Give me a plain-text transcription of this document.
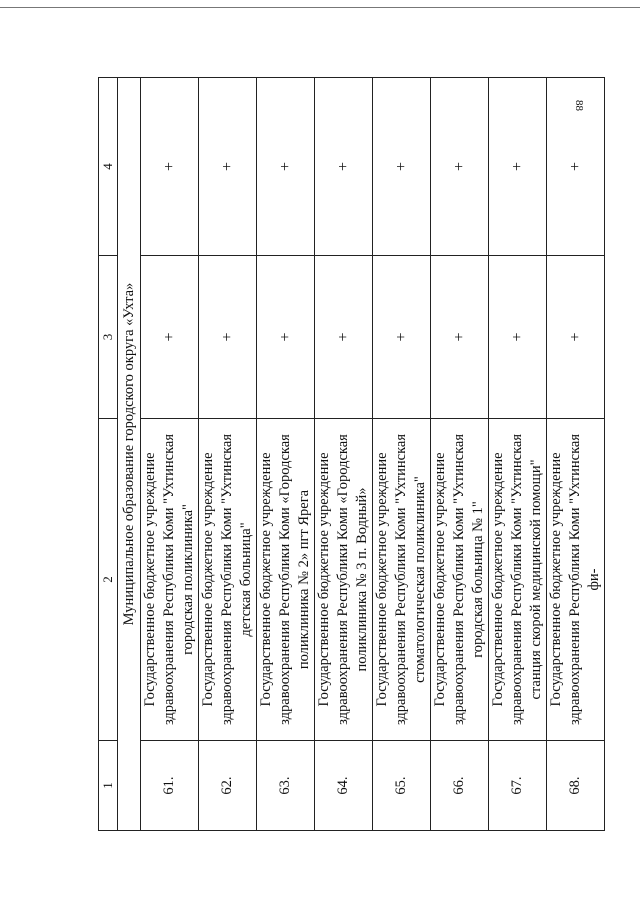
88
1	2	3	4
Муниципальное образование городского округа «Ухта»			
61.	Государственное бюджетное учреждение здравоохранения Республики Коми "Ухтинская городская поликлиника"	+	+
62.	Государственное бюджетное учреждение здравоохранения Республики Коми "Ухтинская детская больница"	+	+
63.	Государственное бюджетное учреждение здравоохранения Республики Коми «Городская поликлиника № 2» пгт Ярега	+	+
64.	Государственное бюджетное учреждение здравоохранения Республики Коми «Городская поликлиника № 3 п. Водный»	+	+
65.	Государственное бюджетное учреждение здравоохранения Республики Коми "Ухтинская стоматологическая поликлиника"	+	+
66.	Государственное бюджетное учреждение здравоохранения Республики Коми "Ухтинская городская больница № 1"	+	+
67.	Государственное бюджетное учреждение здравоохранения Республики Коми "Ухтинская станция скорой медицинской помощи"	+	+
68.	Государственное бюджетное учреждение здравоохранения Республики Коми "Ухтинская фи-	+	+
